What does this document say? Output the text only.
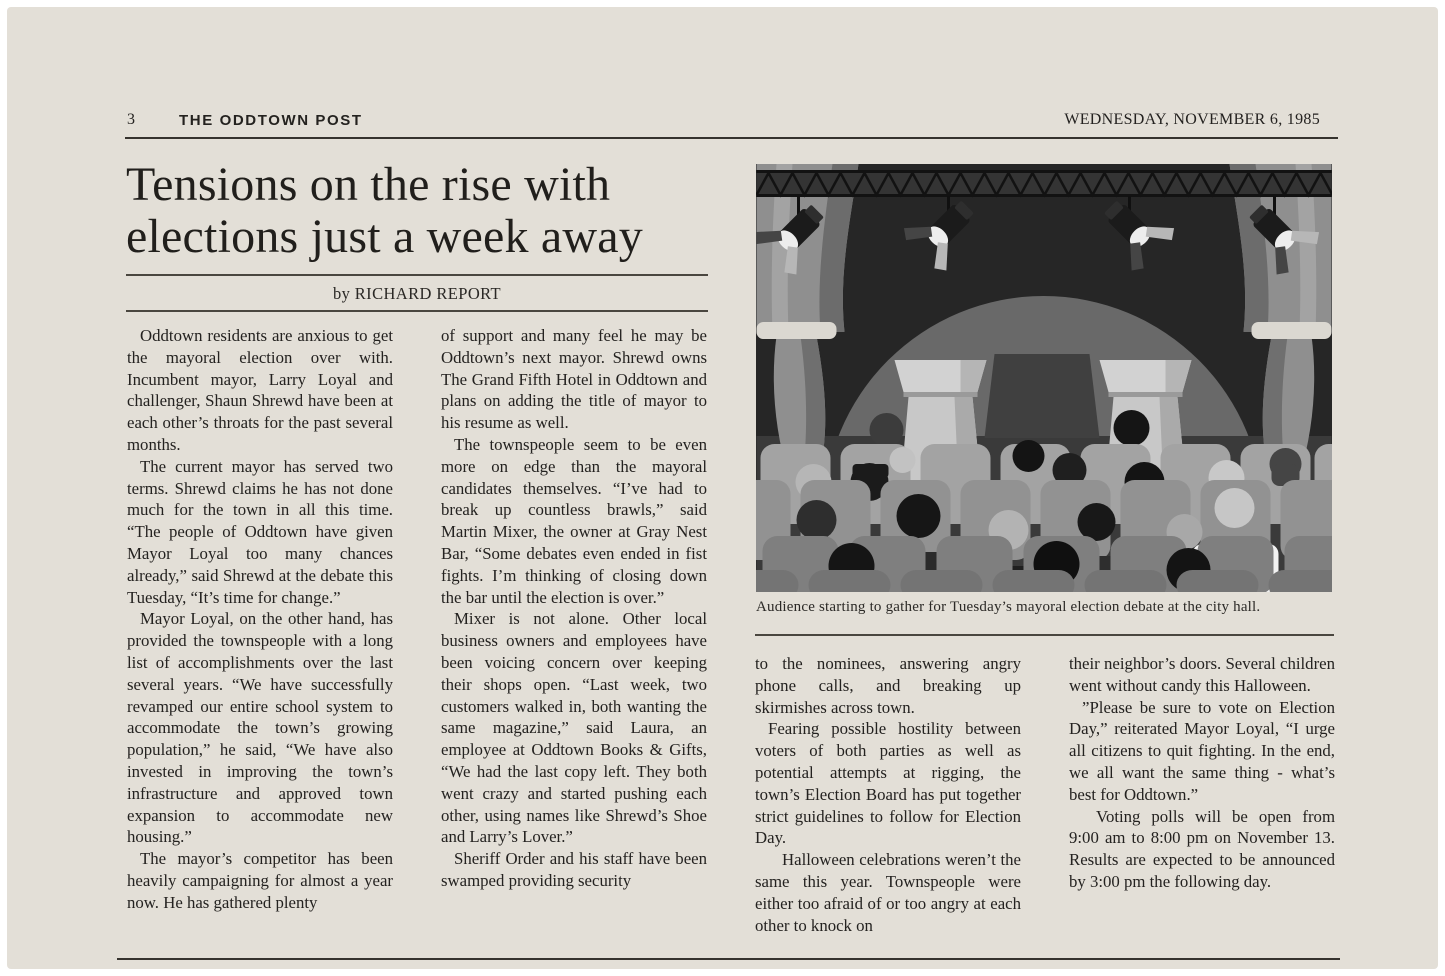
3	THE ODDTOWN POST	WEDNESDAY, NOVEMBER 6, 1985
Tensions on the rise with elections just a week away
by RICHARD REPORT

Oddtown residents are anxious to get the mayoral election over with. Incumbent mayor, Larry Loyal and challenger, Shaun Shrewd have been at each other’s throats for the past several months.

The current mayor has served two terms. Shrewd claims he has not done much for the town in all this time. “The people of Oddtown have given Mayor Loyal too many chances already,” said Shrewd at the debate this Tuesday, “It’s time for change.”

Mayor Loyal, on the other hand, has provided the townspeople with a long list of accomplishments over the last several years. “We have successfully revamped our entire school system to accommodate the town’s growing population,” he said, “We have also invested in improving the town’s infrastructure and approved town expansion to accommodate new housing.”

The mayor’s competitor has been heavily campaigning for almost a year now. He has gathered plenty

of support and many feel he may be Oddtown’s next mayor. Shrewd owns The Grand Fifth Hotel in Oddtown and plans on adding the title of mayor to his resume as well.

The townspeople seem to be even more on edge than the mayoral candidates themselves. “I’ve had to break up countless brawls,” said Martin Mixer, the owner at Gray Nest Bar, “Some debates even ended in fist fights. I’m thinking of closing down the bar until the election is over.”

Mixer is not alone. Other local business owners and employees have been voicing concern over keeping their shops open. “Last week, two customers walked in, both wanting the same magazine,” said Laura, an employee at Oddtown Books & Gifts, “We had the last copy left. They both went crazy and started pushing each other, using names like Shrewd’s Shoe and Larry’s Lover.”

Sheriff Order and his staff have been swamped providing security

Audience starting to gather for Tuesday’s mayoral election debate at the city hall.

to the nominees, answering angry phone calls, and breaking up skirmishes across town.

Fearing possible hostility between voters of both parties as well as potential attempts at rigging, the town’s Election Board has put together strict guidelines to follow for Election Day.

Halloween celebrations weren’t the same this year. Townspeople were either too afraid of or too angry at each other to knock on

their neighbor’s doors. Several children went without candy this Halloween.

”Please be sure to vote on Election Day,” reiterated Mayor Loyal, “I urge all citizens to quit fighting. In the end, we all want the same thing - what’s best for Oddtown.”

Voting polls will be open from 9:00 am to 8:00 pm on November 13. Results are expected to be announced by 3:00 pm the following day.
